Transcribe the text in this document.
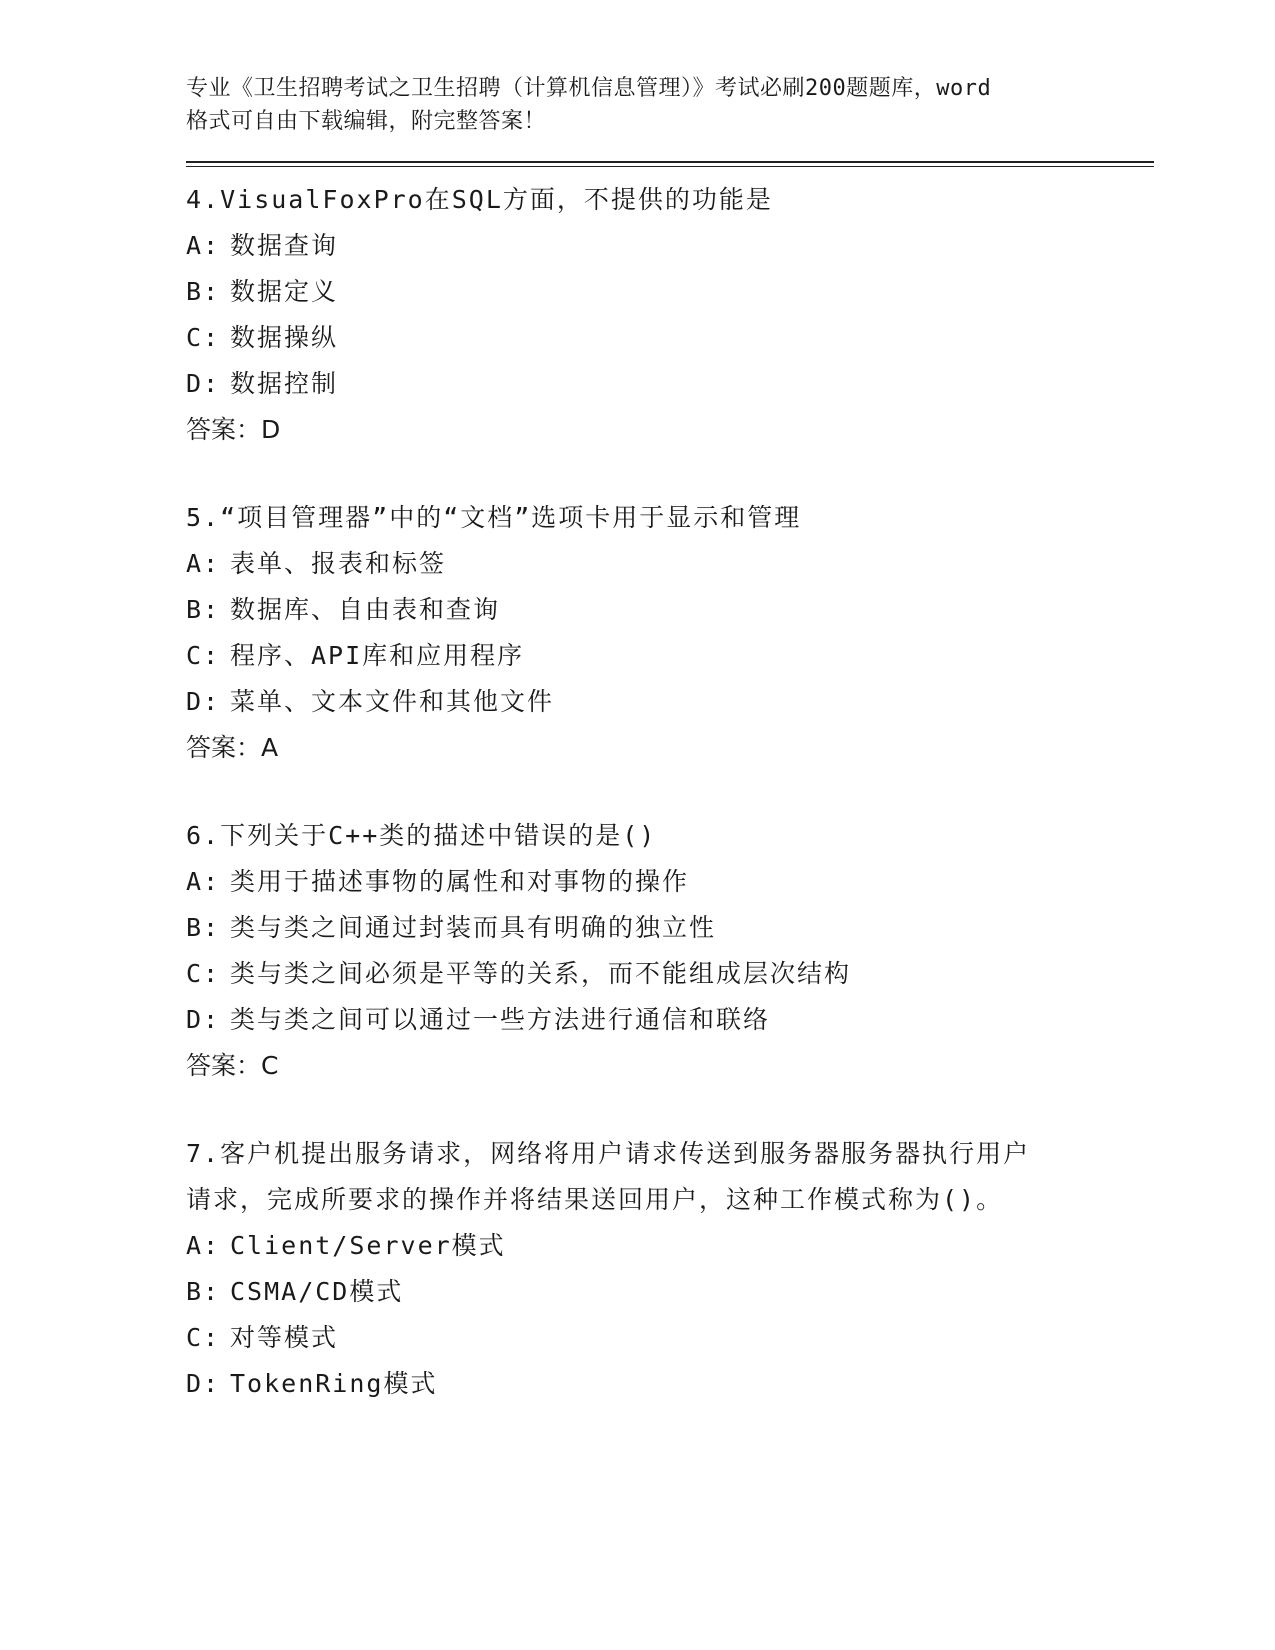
专业《卫生招聘考试之卫生招聘（计算机信息管理）》考试必刷200题题库，word
格式可自由下载编辑，附完整答案！
4.VisualFoxPro在SQL方面，不提供的功能是
A: 数据查询
B: 数据定义
C: 数据操纵
D: 数据控制
答案：D
5.“项目管理器”中的“文档”选项卡用于显示和管理
A: 表单、报表和标签
B: 数据库、自由表和查询
C: 程序、API库和应用程序
D: 菜单、文本文件和其他文件
答案：A
6.下列关于C++类的描述中错误的是()
A: 类用于描述事物的属性和对事物的操作
B: 类与类之间通过封装而具有明确的独立性
C: 类与类之间必须是平等的关系，而不能组成层次结构
D: 类与类之间可以通过一些方法进行通信和联络
答案：C
7.客户机提出服务请求，网络将用户请求传送到服务器服务器执行用户请求，完成所要求的操作并将结果送回用户，这种工作模式称为()。
A: Client/Server模式
B: CSMA/CD模式
C: 对等模式
D: TokenRing模式
